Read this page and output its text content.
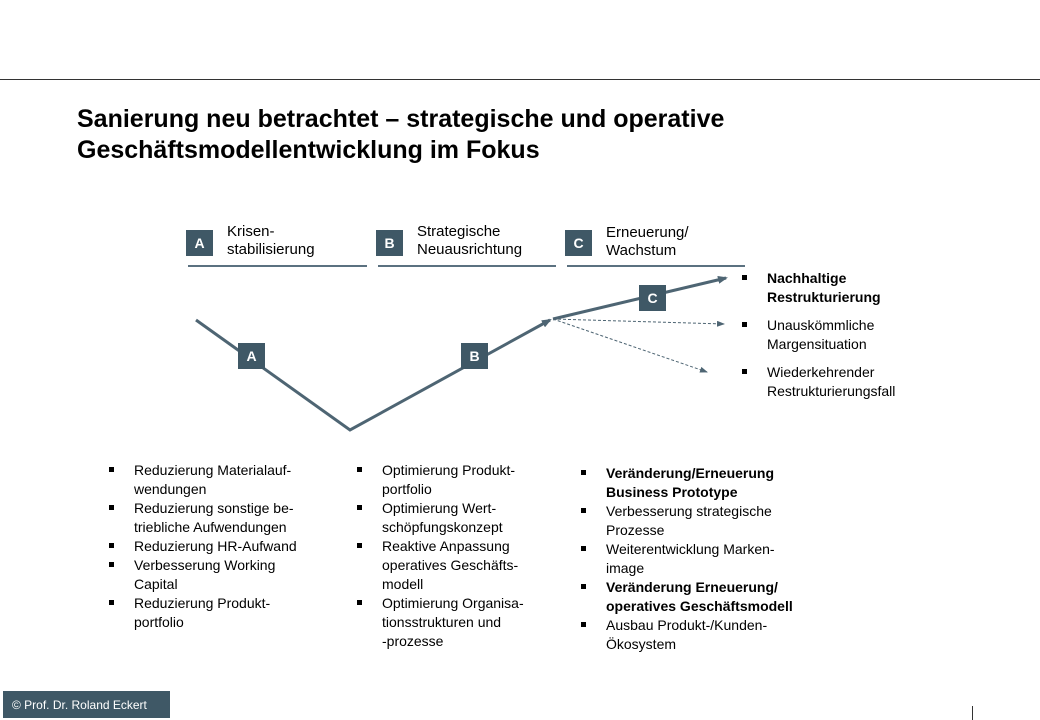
Sanierung neu betrachtet – strategische und operative
Geschäftsmodellentwicklung im Fokus
A
Krisen-
stabilisierung	B
Strategische
Neuausrichtung	C
Erneuerung/
Wachstum
A	B
C
Nachhaltige
Restrukturierung
Unauskömmliche
Margensituation
Wiederkehrender
Restrukturierungsfall
Reduzierung Materialauf-
wendungen
Reduzierung sonstige be-
triebliche Aufwendungen
Reduzierung HR-Aufwand
Verbesserung Working
Capital
Reduzierung Produkt-
portfolio
Optimierung Produkt-
portfolio
Optimierung Wert-
schöpfungskonzept
Reaktive Anpassung
operatives Geschäfts-
modell
Optimierung Organisa-
tionsstrukturen und
-prozesse
Veränderung/Erneuerung
Business Prototype
Verbesserung strategische
Prozesse
Weiterentwicklung Marken-
image
Veränderung Erneuerung/
operatives Geschäftsmodell
Ausbau Produkt-/Kunden-
Ökosystem
© Prof. Dr. Roland Eckert
